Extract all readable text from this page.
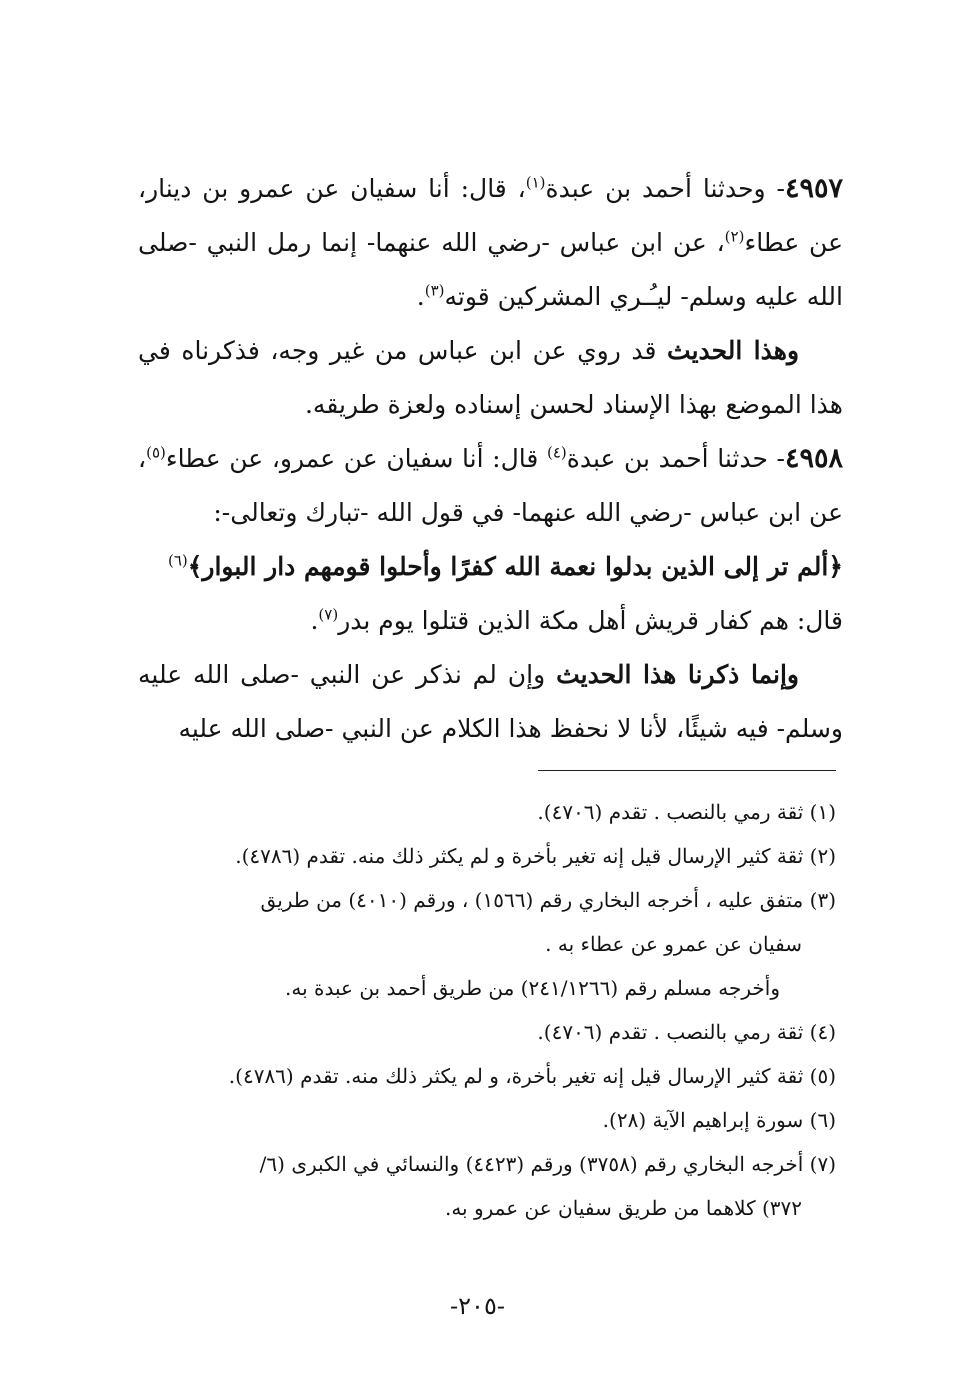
٤٩٥٧- وحدثنا أحمد بن عبدة$^{(١)}$، قال: أنا سفيان عن عمرو بن دينار، عن عطاء$^{(٢)}$، عن ابن عباس -رضي الله عنهما- إنما رمل النبي -صلى الله عليه وسلم- ليـُـري المشركين قوته$^{(٣)}$.

وهذا الحديث قد روي عن ابن عباس من غير وجه، فذكرناه في هذا الموضع بهذا الإسناد لحسن إسناده ولعزة طريقه.

٤٩٥٨- حدثنا أحمد بن عبدة$^{(٤)}$ قال: أنا سفيان عن عمرو، عن عطاء$^{(٥)}$، عن ابن عباس -رضي الله عنهما- في قول الله -تبارك وتعالى-:
﴿ألم تر إلى الذين بدلوا نعمة الله كفرًا وأحلوا قومهم دار البوار﴾$^{(٦)}$
قال: هم كفار قريش أهل مكة الذين قتلوا يوم بدر$^{(٧)}$.

وإنما ذكرنا هذا الحديث وإن لم نذكر عن النبي -صلى الله عليه وسلم- فيه شيئًا، لأنا لا نحفظ هذا الكلام عن النبي -صلى الله عليه

(١) ثقة رمي بالنصب . تقدم (٤٧٠٦).

(٢) ثقة كثير الإرسال قيل إنه تغير بأخرة و لم يكثر ذلك منه. تقدم (٤٧٨٦).

(٣) متفق عليه ، أخرجه البخاري رقم (١٥٦٦) ، ورقم (٤٠١٠) من طريق

سفيان عن عمرو عن عطاء به .

وأخرجه مسلم رقم (٢٤١/١٢٦٦) من طريق أحمد بن عبدة به.

(٤) ثقة رمي بالنصب . تقدم (٤٧٠٦).

(٥) ثقة كثير الإرسال قيل إنه تغير بأخرة، و لم يكثر ذلك منه. تقدم (٤٧٨٦).

(٦) سورة إبراهيم الآية (٢٨).

(٧) أخرجه البخاري رقم (٣٧٥٨) ورقم (٤٤٢٣) والنسائي في الكبرى (٦/

٣٧٢) كلاهما من طريق سفيان عن عمرو به.

-٢٠٥-
